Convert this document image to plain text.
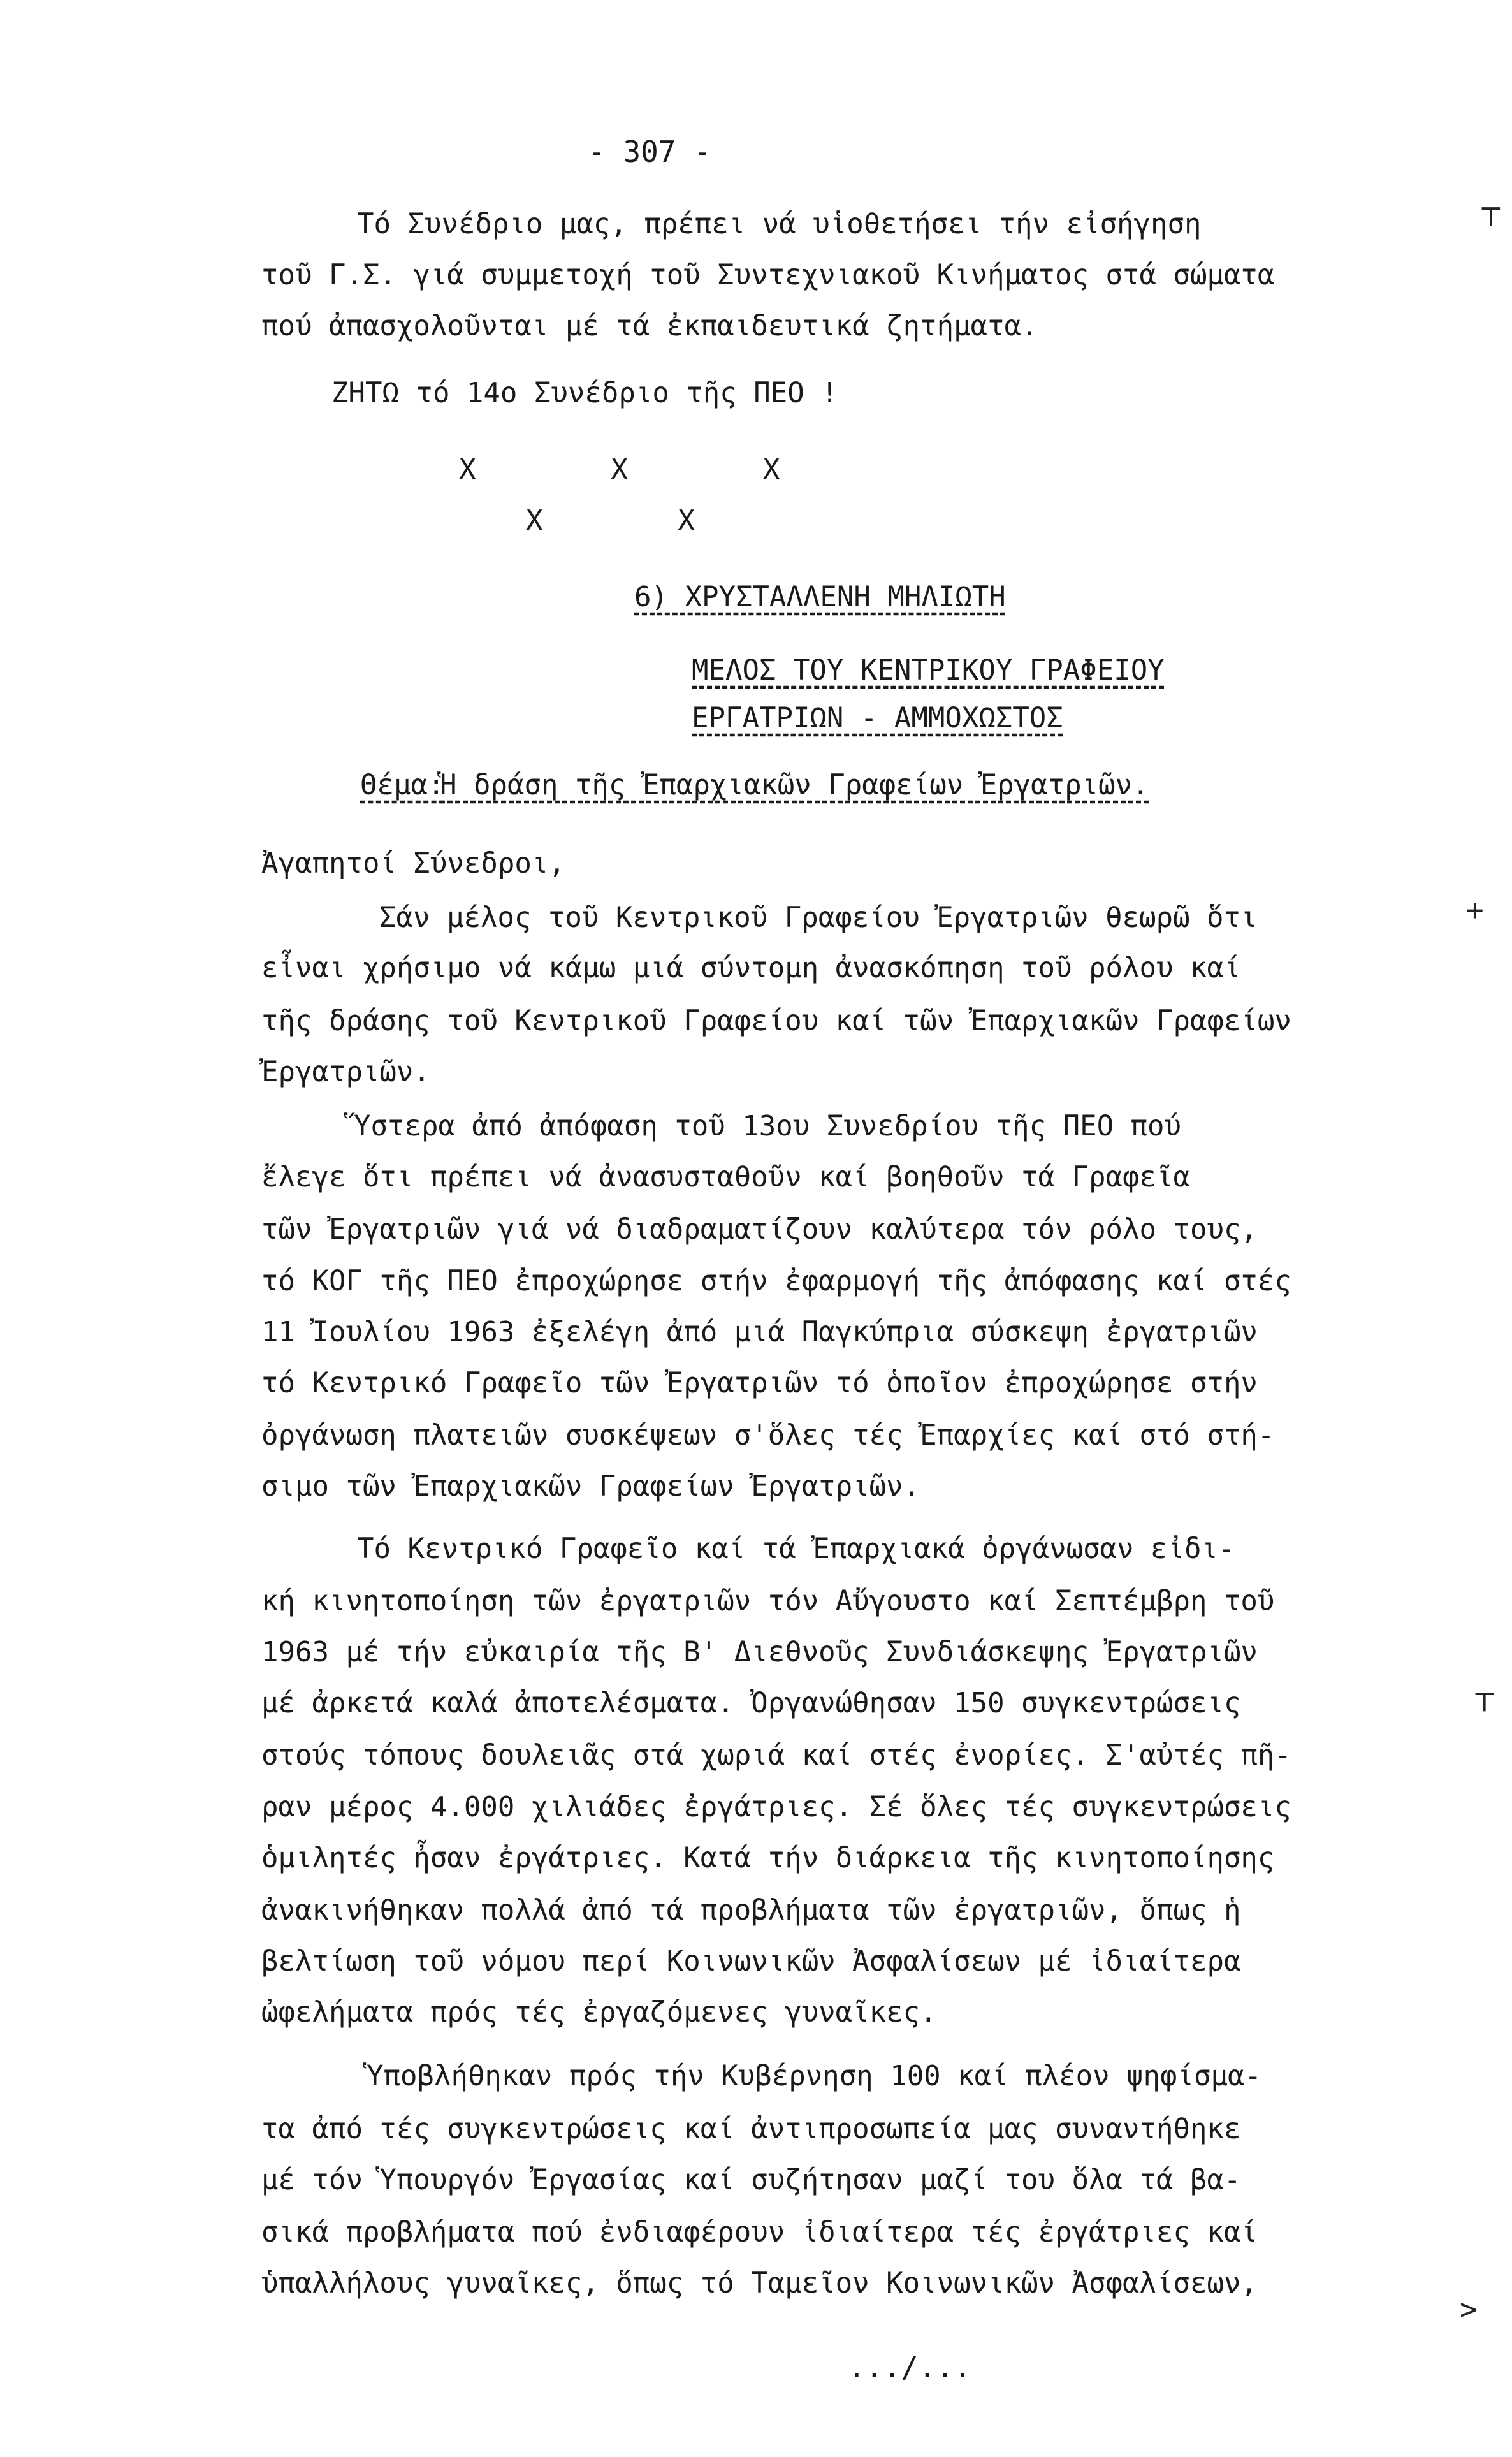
- 307 -
Τό Συνέδριο μας, πρέπει νά υἱοθετήσει τήν εἰσήγηση
τοῦ Γ.Σ. γιά συμμετοχή τοῦ Συντεχνιακοῦ Κινήματος στά σώματα
πού ἀπασχολοῦνται μέ τά ἐκπαιδευτικά ζητήματα.
ΖΗΤΩ τό 14ο Συνέδριο τῆς ΠΕΟ !
X        X        X
X        X
6) ΧΡΥΣΤΑΛΛΕΝΗ ΜΗΛΙΩΤΗ
ΜΕΛΟΣ ΤΟΥ ΚΕΝΤΡΙΚΟΥ ΓΡΑΦΕΙΟΥ
ΕΡΓΑΤΡΙΩΝ - ΑΜΜΟΧΩΣΤΟΣ
Θέμα:
Ἡ δράση τῆς Ἐπαρχιακῶν Γραφείων Ἐργατριῶν.
Ἀγαπητοί Σύνεδροι,
Σάν μέλος τοῦ Κεντρικοῦ Γραφείου Ἐργατριῶν θεωρῶ ὅτι
εἶναι χρήσιμο νά κάμω μιά σύντομη ἀνασκόπηση τοῦ ρόλου καί
τῆς δράσης τοῦ Κεντρικοῦ Γραφείου καί τῶν Ἐπαρχιακῶν Γραφείων
Ἐργατριῶν.
Ὕστερα ἀπό ἀπόφαση τοῦ 13ου Συνεδρίου τῆς ΠΕΟ πού
ἔλεγε ὅτι πρέπει νά ἀνασυσταθοῦν καί βοηθοῦν τά Γραφεῖα
τῶν Ἐργατριῶν γιά νά διαδραματίζουν καλύτερα τόν ρόλο τους,
τό ΚΟΓ τῆς ΠΕΟ ἐπροχώρησε στήν ἐφαρμογή τῆς ἀπόφασης καί στές
11 Ἰουλίου 1963 ἐξελέγη ἀπό μιά Παγκύπρια σύσκεψη ἐργατριῶν
τό Κεντρικό Γραφεῖο τῶν Ἐργατριῶν τό ὁποῖον ἐπροχώρησε στήν
ὀργάνωση πλατειῶν συσκέψεων σ'ὅλες τές Ἐπαρχίες καί στό στή-
σιμο τῶν Ἐπαρχιακῶν Γραφείων Ἐργατριῶν.
Τό Κεντρικό Γραφεῖο καί τά Ἐπαρχιακά ὀργάνωσαν εἰδι-
κή κινητοποίηση τῶν ἐργατριῶν τόν Αὔγουστο καί Σεπτέμβρη τοῦ
1963 μέ τήν εὐκαιρία τῆς Β' Διεθνοῦς Συνδιάσκεψης Ἐργατριῶν
μέ ἀρκετά καλά ἀποτελέσματα. Ὀργανώθησαν 150 συγκεντρώσεις
στούς τόπους δουλειᾶς στά χωριά καί στές ἐνορίες. Σ'αὐτές πῆ-
ραν μέρος 4.000 χιλιάδες ἐργάτριες. Σέ ὅλες τές συγκεντρώσεις
ὁμιλητές ἦσαν ἐργάτριες. Κατά τήν διάρκεια τῆς κινητοποίησης
ἀνακινήθηκαν πολλά ἀπό τά προβλήματα τῶν ἐργατριῶν, ὅπως ἡ
βελτίωση τοῦ νόμου περί Κοινωνικῶν Ἀσφαλίσεων μέ ἰδιαίτερα
ὠφελήματα πρός τές ἐργαζόμενες γυναῖκες.
Ὑποβλήθηκαν πρός τήν Κυβέρνηση 100 καί πλέον ψηφίσμα-
τα ἀπό τές συγκεντρώσεις καί ἀντιπροσωπεία μας συναντήθηκε
μέ τόν Ὑπουργόν Ἐργασίας καί συζήτησαν μαζί του ὅλα τά βα-
σικά προβλήματα πού ἐνδιαφέρουν ἰδιαίτερα τές ἐργάτριες καί
ὑπαλλήλους γυναῖκες, ὅπως τό Ταμεῖον Κοινωνικῶν Ἀσφαλίσεων,
.../...
┬
+
┬
>
